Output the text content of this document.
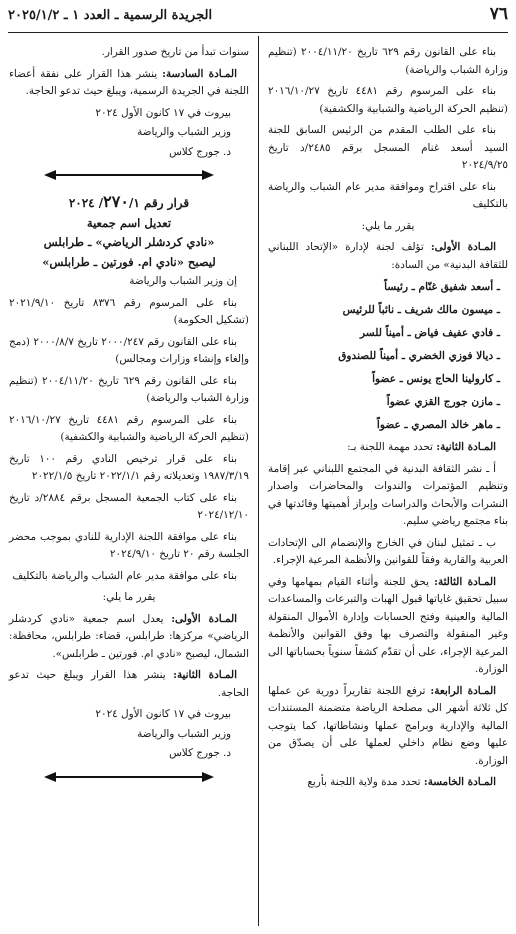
٧٦
الجريدة الرسمية ـ العدد ١ ـ ٢٠٢٥/١/٢

بناء على القانون رقم ٦٢٩ تاريخ ٢٠٠٤/١١/٢٠ (تنظيم وزارة الشباب والرياضة)

بناء على المرسوم رقم ٤٤٨١ تاريخ ٢٠١٦/١٠/٢٧ (تنظيم الحركة الرياضية والشبابية والكشفية)

بناء على الطلب المقدم من الرئيس السابق للجنة السيد أسعد غنام المسجل برقم ٢٤٨٥/د تاريخ ٢٠٢٤/٩/٢٥

بناء على اقتراح وموافقة مدير عام الشباب والرياضة بالتكليف

يقرر ما يلي:

المـادة الأولى: تؤلف لجنة لإدارة «الإتحاد اللبناني للثقافة البدنية» من السادة:

ـ أسعد شفيق غنّام ـ رئيساً

ـ ميسون مالك شريف ـ نائباً للرئيس

ـ فادي عفيف فياض ـ أميناً للسر

ـ ديالا فوزي الخضري ـ أميناً للصندوق

ـ كارولينا الحاج يونس ـ عضواً

ـ مازن جورج القزي عضواً

ـ ماهر خالد المصري ـ عضواً

المـادة الثانية: تحدد مهمة اللجنة بـ:

أ ـ نشر الثقافة البدنية في المجتمع اللبناني عبر إقامة وتنظيم المؤتمرات والندوات والمحاضرات واصدار النشرات والأبحاث والدراسات وإبراز أهميتها وفائدتها في بناء مجتمع رياضي سليم.

ب ـ تمثيل لبنان في الخارج والإنضمام الى الإتحادات العربية والقارية وفقاً للقوانين والأنظمة المرعية الإجراء.

المـادة الثالثة: يحق للجنة وأثناء القيام بمهامها وفي سبيل تحقيق غاياتها قبول الهبات والتبرعات والمساعدات المالية والعينية وفتح الحسابات وإدارة الأموال المنقولة وغير المنقولة والتصرف بها وفق القوانين والأنظمة المرعية الإجراء، على أن تقدّم كشفاً سنوياً بحساباتها الى الوزارة.

المـادة الرابعة: ترفع اللجنة تقاريراً دورية عن عملها كل ثلاثة أشهر الى مصلحة الرياضة متضمنة المستندات المالية والإدارية وبرامج عملها ونشاطاتها، كما يتوجب عليها وضع نظام داخلي لعملها على أن يصدّق من الوزارة.

المـادة الخامسة: تحدد مدة ولاية اللجنة بأربع

سنوات تبدأ من تاريخ صدور القرار.

المـادة السادسة: ينشر هذا القرار على نفقة أعضاء اللجنة في الجريدة الرسمية، ويبلغ حيث تدعو الحاجة.

بيروت في ١٧ كانون الأول ٢٠٢٤

وزير الشباب والرياضة

د. جورج كلاس

قرار رقم ٢٧٠/١/ ٢٠٢٤

تعديل اسم جمعية

«نادي كردشلر الرياضي» ـ طرابلس

ليصبح «نادي ام. فورتين ـ طرابلس»

إن وزير الشباب والرياضة

بناء على المرسوم رقم ٨٣٧٦ تاريخ ٢٠٢١/٩/١٠ (تشكيل الحكومة)

بناء على القانون رقم ٢٠٠٠/٢٤٧ تاريخ ٢٠٠٠/٨/٧ (دمج وإلغاء وإنشاء وزارات ومجالس)

بناء على القانون رقم ٦٢٩ تاريخ ٢٠٠٤/١١/٢٠ (تنظيم وزارة الشباب والرياضة)

بناء على المرسوم رقم ٤٤٨١ تاريخ ٢٠١٦/١٠/٢٧ (تنظيم الحركة الرياضية والشبابية والكشفية)

بناء على قرار ترخيص النادي رقم ١٠٠ تاريخ ١٩٨٧/٣/١٩ وتعديلاته رقم ٢٠٢٢/١/١ تاريخ ٢٠٢٢/١/٥

بناء على كتاب الجمعية المسجل برقم ٢٨٨٤/د تاريخ ٢٠٢٤/١٢/١٠

بناء على موافقة اللجنة الإدارية للنادي بموجب محضر الجلسة رقم ٢٠ تاريخ ٢٠٢٤/٩/١٠

بناء على موافقة مدير عام الشباب والرياضة بالتكليف

يقرر ما يلي:

المـادة الأولى: يعدل اسم جمعية «نادي كردشلر الرياضي» مركزها: طرابلس، قضاء: طرابلس، محافظة: الشمال، ليصبح «نادي ام. فورتين ـ طرابلس».

المـادة الثانية: ينشر هذا القرار ويبلغ حيث تدعو الحاجة.

بيروت في ١٧ كانون الأول ٢٠٢٤

وزير الشباب والرياضة

د. جورج كلاس
